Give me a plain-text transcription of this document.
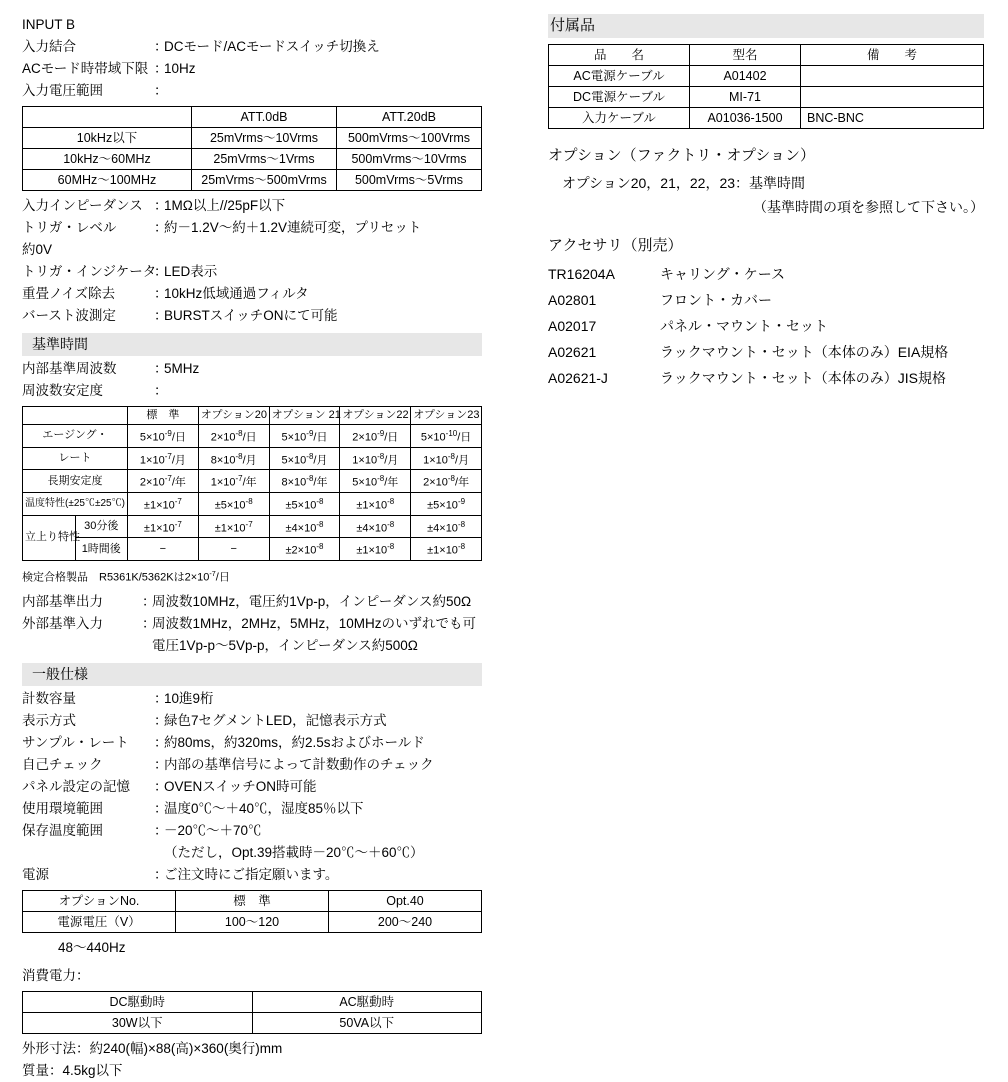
INPUT B
入力結合	：
DCモード/ACモードスイッチ切換え
ACモード時帯域下限 ：
10Hz
入力電圧範囲	：
	ATT.0dB	ATT.20dB
10kHz以下	25mVrms〜10Vrms	500mVrms〜100Vrms
10kHz〜60MHz	25mVrms〜1Vrms	500mVrms〜10Vrms
60MHz〜100MHz	25mVrms〜500mVrms	500mVrms〜5Vrms
入力インピーダンス ：
1MΩ以上//25pF以下
トリガ・レベル	：
約－1.2V〜約＋1.2V連続可変，プリセット
約0V
トリガ・インジケータ
：
LED表示
重畳ノイズ除去	：
10kHz低域通過フィルタ
バースト波測定	：
BURSTスイッチONにて可能
基準時間
内部基準周波数	：
5MHz
周波数安定度	：
		標　準	オプション20	オプション 21	オプション22	オプション23
エージング・		$5\times 10^{-9}/$日	$2\times 10^{-8}/$日	$5\times 10^{-9}/$日	$2\times 10^{-9}/$日	$5\times 10^{-10}/$日
レート		$1\times 10^{-7}/$月	$8\times 10^{-8}/$月	$5\times 10^{-8}/$月	$1\times 10^{-8}/$月	$1\times 10^{-8}/$月
長期安定度		$2\times 10^{-7}/$年	$1\times 10^{-7}/$年	$8\times 10^{-8}/$年	$5\times 10^{-8}/$年	$2\times 10^{-8}/$年
温度特性(±25℃±25℃)		$\pm 1\times 10^{-7}$	$\pm 5\times 10^{-8}$	$\pm 5\times 10^{-8}$	$\pm 1\times 10^{-8}$	$\pm 5\times 10^{-9}$
立上り特性	30分後	$\pm 1\times 10^{-7}$	$\pm 1\times 10^{-7}$	$\pm 4\times 10^{-8}$	$\pm 4\times 10^{-8}$	$\pm 4\times 10^{-8}$
	1時間後	−	−	$\pm 2\times 10^{-8}$	$\pm 1\times 10^{-8}$	$\pm 1\times 10^{-8}$
検定合格製品　R5361K/5362Kは$2\times 10^{-7}/$日
内部基準出力	：
周波数10MHz，電圧約1Vp-p，インピーダンス約50Ω
外部基準入力	：
周波数1MHz，2MHz，5MHz，10MHzのいずれでも可
電圧1Vp-p〜5Vp-p，インピーダンス約500Ω
一般仕様
計数容量	：
10進9桁
表示方式	：
緑色7セグメントLED，記憶表示方式
サンプル・レート	：
約80ms，約320ms，約2.5sおよびホールド
自己チェック	：
内部の基準信号によって計数動作のチェック
パネル設定の記憶	：
OVENスイッチON時可能
使用環境範囲	：
温度0℃〜＋40℃，湿度85％以下
保存温度範囲	：
－20℃〜＋70℃
（ただし，Opt.39搭載時－20℃〜＋60℃）
電源	：
ご注文時にご指定願います。
オプションNo.	標　準	Opt.40
電源電圧（V）	100〜120	200〜240
48〜440Hz
消費電力：
DC駆動時	AC駆動時
30W以下	50VA以下
外形寸法：約240(幅)×88(高)×360(奥行)mm
質量：4.5kg以下
付属品
品　　名	型名	備　　考
AC電源ケーブル	A01402	
DC電源ケーブル	MI-71	
入力ケーブル	A01036-1500	BNC-BNC
オプション（ファクトリ・オプション）
オプション20，21，22，23：基準時間
（基準時間の項を参照して下さい。）
アクセサリ（別売）
TR16204A	キャリング・ケース
A02801	フロント・カバー
A02017	パネル・マウント・セット
A02621	ラックマウント・セット（本体のみ）EIA規格
A02621-J	ラックマウント・セット（本体のみ）JIS規格
